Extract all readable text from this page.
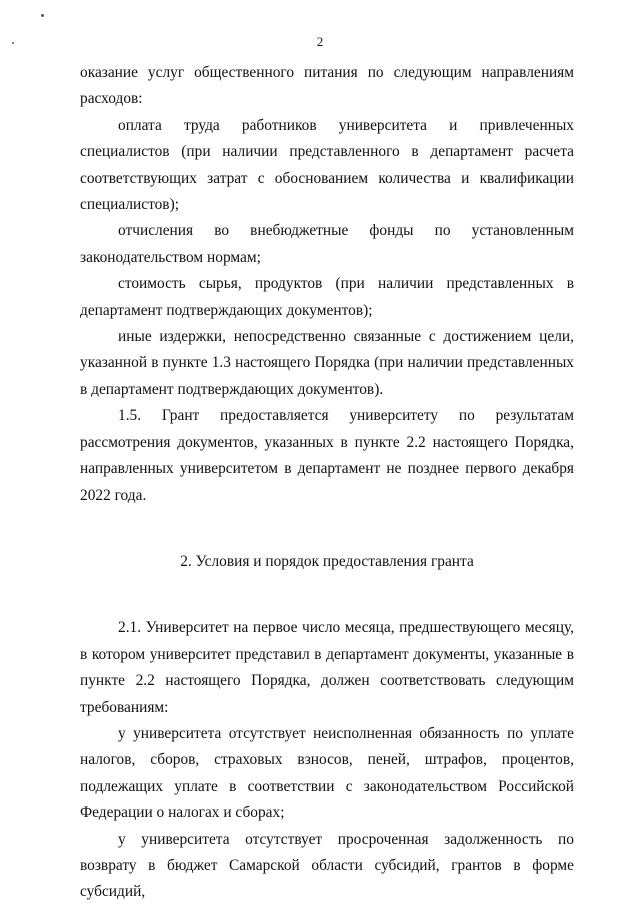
2

оказание услуг общественного питания по следующим направлениям расходов:

оплата труда работников университета и привлеченных специалистов (при наличии представленного в департамент расчета соответствующих затрат с обоснованием количества и квалификации специалистов);

отчисления во внебюджетные фонды по установленным законодательством нормам;

стоимость сырья, продуктов (при наличии представленных в департамент подтверждающих документов);

иные издержки, непосредственно связанные с достижением цели, указанной в пункте 1.3 настоящего Порядка (при наличии представленных в департамент подтверждающих документов).

1.5. Грант предоставляется университету по результатам рассмотрения документов, указанных в пункте 2.2 настоящего Порядка, направленных университетом в департамент не позднее первого декабря 2022 года.

2. Условия и порядок предоставления гранта

2.1. Университет на первое число месяца, предшествующего месяцу, в котором университет представил в департамент документы, указанные в пункте 2.2 настоящего Порядка, должен соответствовать следующим требованиям:

у университета отсутствует неисполненная обязанность по уплате налогов, сборов, страховых взносов, пеней, штрафов, процентов, подлежащих уплате в соответствии с законодательством Российской Федерации о налогах и сборах;

у университета отсутствует просроченная задолженность по возврату в бюджет Самарской области субсидий, грантов в форме субсидий,
